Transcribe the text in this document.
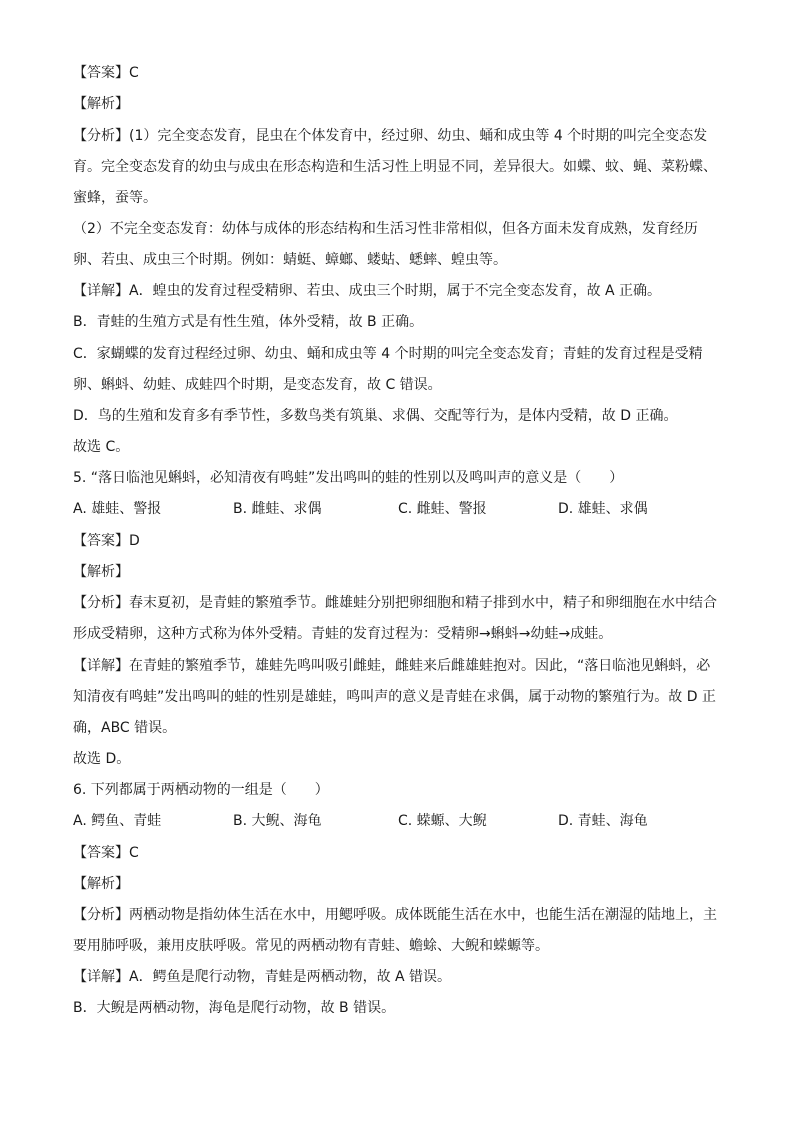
【答案】C
【解析】
【分析】(1）完全变态发育，昆虫在个体发育中，经过卵、幼虫、蛹和成虫等 4 个时期的叫完全变态发
育。完全变态发育的幼虫与成虫在形态构造和生活习性上明显不同，差异很大。如蝶、蚊、蝇、菜粉蝶、
蜜蜂，蚕等。
（2）不完全变态发育：幼体与成体的形态结构和生活习性非常相似，但各方面未发育成熟，发育经历
卵、若虫、成虫三个时期。例如：蜻蜓、蟑螂、蝼蛄、蟋蟀、蝗虫等。
【详解】A．蝗虫的发育过程受精卵、若虫、成虫三个时期，属于不完全变态发育，故 A 正确。
B．青蛙的生殖方式是有性生殖，体外受精，故 B 正确。
C．家蝴蝶的发育过程经过卵、幼虫、蛹和成虫等 4 个时期的叫完全变态发育；青蛙的发育过程是受精
卵、蝌蚪、幼蛙、成蛙四个时期，是变态发育，故 C 错误。
D．鸟的生殖和发育多有季节性，多数鸟类有筑巢、求偶、交配等行为，是体内受精，故 D 正确。
故选 C。
5. “落日临池见蝌蚪，必知清夜有鸣蛙”发出鸣叫的蛙的性别以及鸣叫声的意义是（　　）
A. 雄蛙、警报	B. 雌蛙、求偶	C. 雌蛙、警报	D. 雄蛙、求偶
【答案】D
【解析】
【分析】春末夏初，是青蛙的繁殖季节。雌雄蛙分别把卵细胞和精子排到水中，精子和卵细胞在水中结合
形成受精卵，这种方式称为体外受精。青蛙的发育过程为：受精卵→蝌蚪→幼蛙→成蛙。
【详解】在青蛙的繁殖季节，雄蛙先鸣叫吸引雌蛙，雌蛙来后雌雄蛙抱对。因此，“落日临池见蝌蚪，必
知清夜有鸣蛙”发出鸣叫的蛙的性别是雄蛙，鸣叫声的意义是青蛙在求偶，属于动物的繁殖行为。故 D 正
确，ABC 错误。
故选 D。
6. 下列都属于两栖动物的一组是（　　）
A. 鳄鱼、青蛙	B. 大鲵、海龟	C. 蝾螈、大鲵	D. 青蛙、海龟
【答案】C
【解析】
【分析】两栖动物是指幼体生活在水中，用鳃呼吸。成体既能生活在水中，也能生活在潮湿的陆地上，主
要用肺呼吸，兼用皮肤呼吸。常见的两栖动物有青蛙、蟾蜍、大鲵和蝾螈等。
【详解】A．鳄鱼是爬行动物，青蛙是两栖动物，故 A 错误。
B．大鲵是两栖动物，海龟是爬行动物，故 B 错误。
